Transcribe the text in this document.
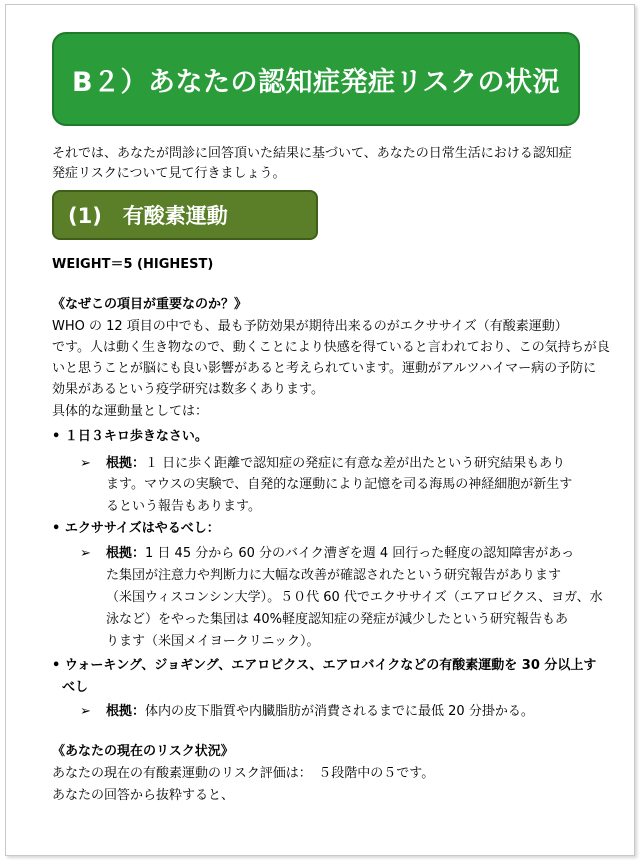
B２）あなたの認知症発症リスクの状況
それでは、あなたが問診に回答頂いた結果に基づいて、あなたの日常生活における認知症
発症リスクについて見て行きましょう。
(1)　有酸素運動
WEIGHT＝5 (HIGHEST)
《なぜこの項目が重要なのか？》
WHO の 12 項目の中でも、最も予防効果が期待出来るのがエクササイズ（有酸素運動）
です。人は動く生き物なので、動くことにより快感を得ていると言われており、この気持ちが良
いと思うことが脳にも良い影響があると考えられています。運動がアルツハイマー病の予防に
効果があるという疫学研究は数多くあります。
具体的な運動量としては：
• １日３キロ歩きなさい。
➢ 根拠：１ 日に歩く距離で認知症の発症に有意な差が出たという研究結果もあり
ます。マウスの実験で、自発的な運動により記憶を司る海馬の神経細胞が新生す
るという報告もあります。
• エクササイズはやるべし：
➢ 根拠：1 日 45 分から 60 分のバイク漕ぎを週 4 回行った軽度の認知障害があっ
た集団が注意力や判断力に大幅な改善が確認されたという研究報告があります
（米国ウィスコンシン大学）。５０代 60 代でエクササイズ（エアロビクス、ヨガ、水
泳など）をやった集団は 40%軽度認知症の発症が減少したという研究報告もあ
ります（米国メイヨークリニック）。
• ウォーキング、ジョギング、エアロビクス、エアロバイクなどの有酸素運動を 30 分以上す
べし
➢ 根拠：体内の皮下脂質や内臓脂肪が消費されるまでに最低 20 分掛かる。
《あなたの現在のリスク状況》
あなたの現在の有酸素運動のリスク評価は：　５段階中の５です。
あなたの回答から抜粋すると、
